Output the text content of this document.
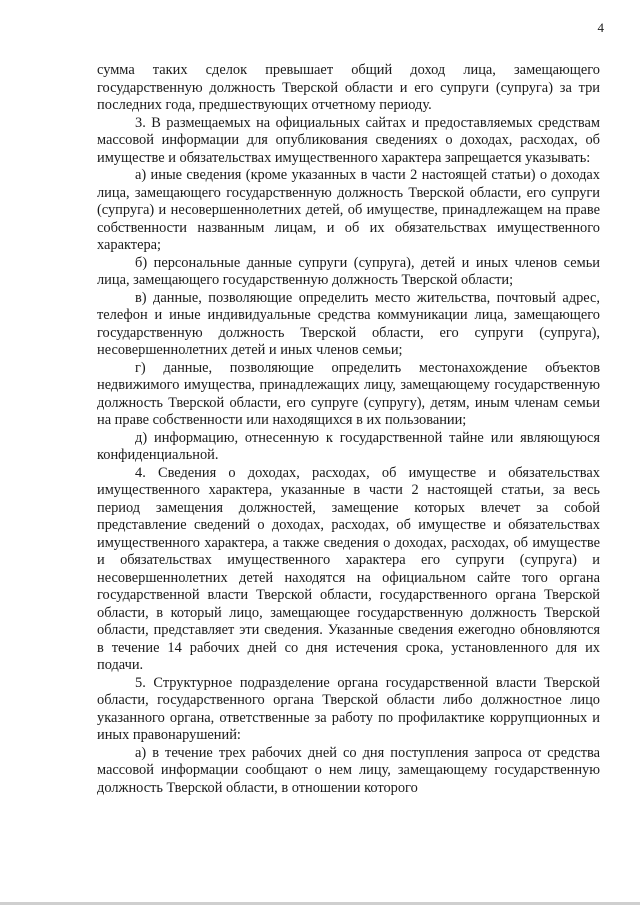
4

сумма таких сделок превышает общий доход лица, замещающего государственную должность Тверской области и его супруги (супруга) за три последних года, предшествующих отчетному периоду.

3. В размещаемых на официальных сайтах и предоставляемых средствам массовой информации для опубликования сведениях о доходах, расходах, об имуществе и обязательствах имущественного характера запрещается указывать:

а) иные сведения (кроме указанных в части 2 настоящей статьи) о доходах лица, замещающего государственную должность Тверской области, его супруги (супруга) и несовершеннолетних детей, об имуществе, принадлежащем на праве собственности названным лицам, и об их обязательствах имущественного характера;

б) персональные данные супруги (супруга), детей и иных членов семьи лица, замещающего государственную должность Тверской области;

в) данные, позволяющие определить место жительства, почтовый адрес, телефон и иные индивидуальные средства коммуникации лица, замещающего государственную должность Тверской области, его супруги (супруга), несовершеннолетних детей и иных членов семьи;

г) данные, позволяющие определить местонахождение объектов недвижимого имущества, принадлежащих лицу, замещающему государственную должность Тверской области, его супруге (супругу), детям, иным членам семьи на праве собственности или находящихся в их пользовании;

д) информацию, отнесенную к государственной тайне или являющуюся конфиденциальной.

4. Сведения о доходах, расходах, об имуществе и обязательствах имущественного характера, указанные в части 2 настоящей статьи, за весь период замещения должностей, замещение которых влечет за собой представление сведений о доходах, расходах, об имуществе и обязательствах имущественного характера, а также сведения о доходах, расходах, об имуществе и обязательствах имущественного характера его супруги (супруга) и несовершеннолетних детей находятся на официальном сайте того органа государственной власти Тверской области, государственного органа Тверской области, в который лицо, замещающее государственную должность Тверской области, представляет эти сведения. Указанные сведения ежегодно обновляются в течение 14 рабочих дней со дня истечения срока, установленного для их подачи.

5. Структурное подразделение органа государственной власти Тверской области, государственного органа Тверской области либо должностное лицо указанного органа, ответственные за работу по профилактике коррупционных и иных правонарушений:

а) в течение трех рабочих дней со дня поступления запроса от средства массовой информации сообщают о нем лицу, замещающему государственную должность Тверской области, в отношении которого
